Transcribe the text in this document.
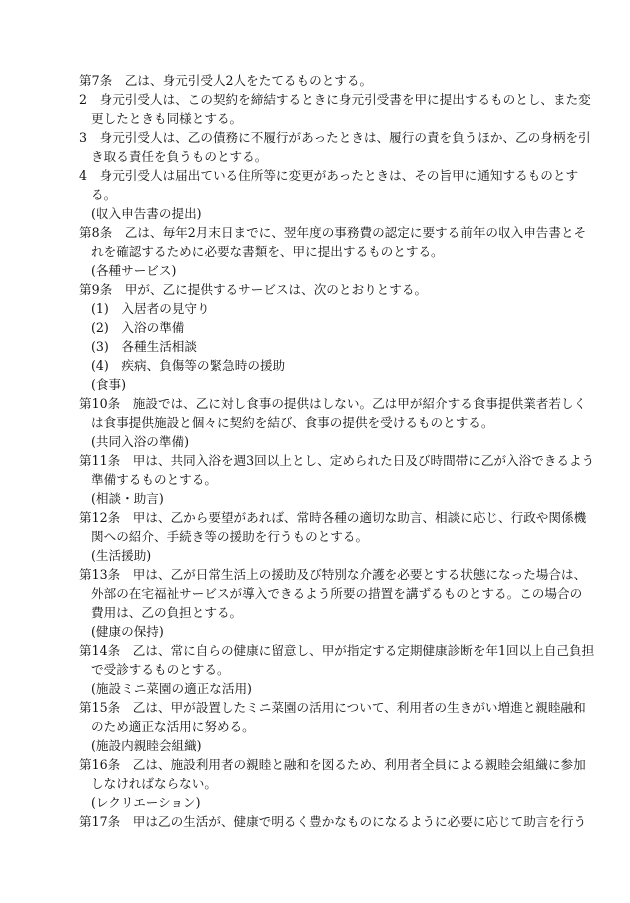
第7条　乙は、身元引受人2人をたてるものとする。
2　身元引受人は、この契約を締結するときに身元引受書を甲に提出するものとし、また変
更したときも同様とする。
3　身元引受人は、乙の債務に不履行があったときは、履行の責を負うほか、乙の身柄を引
き取る責任を負うものとする。
4　身元引受人は届出ている住所等に変更があったときは、その旨甲に通知するものとす
る。
(収入申告書の提出)
第8条　乙は、毎年2月末日までに、翌年度の事務費の認定に要する前年の収入申告書とそ
れを確認するために必要な書類を、甲に提出するものとする。
(各種サービス)
第9条　甲が、乙に提供するサービスは、次のとおりとする。
(1)　入居者の見守り
(2)　入浴の準備
(3)　各種生活相談
(4)　疾病、負傷等の緊急時の援助
(食事)
第10条　施設では、乙に対し食事の提供はしない。乙は甲が紹介する食事提供業者若しく
は食事提供施設と個々に契約を結び、食事の提供を受けるものとする。
(共同入浴の準備)
第11条　甲は、共同入浴を週3回以上とし、定められた日及び時間帯に乙が入浴できるよう
準備するものとする。
(相談・助言)
第12条　甲は、乙から要望があれば、常時各種の適切な助言、相談に応じ、行政や関係機
関への紹介、手続き等の援助を行うものとする。
(生活援助)
第13条　甲は、乙が日常生活上の援助及び特別な介護を必要とする状態になった場合は、
外部の在宅福祉サービスが導入できるよう所要の措置を講ずるものとする。この場合の
費用は、乙の負担とする。
(健康の保持)
第14条　乙は、常に自らの健康に留意し、甲が指定する定期健康診断を年1回以上自己負担
で受診するものとする。
(施設ミニ菜園の適正な活用)
第15条　乙は、甲が設置したミニ菜園の活用について、利用者の生きがい増進と親睦融和
のため適正な活用に努める。
(施設内親睦会組織)
第16条　乙は、施設利用者の親睦と融和を図るため、利用者全員による親睦会組織に参加
しなければならない。
(レクリエーション)
第17条　甲は乙の生活が、健康で明るく豊かなものになるように必要に応じて助言を行う
